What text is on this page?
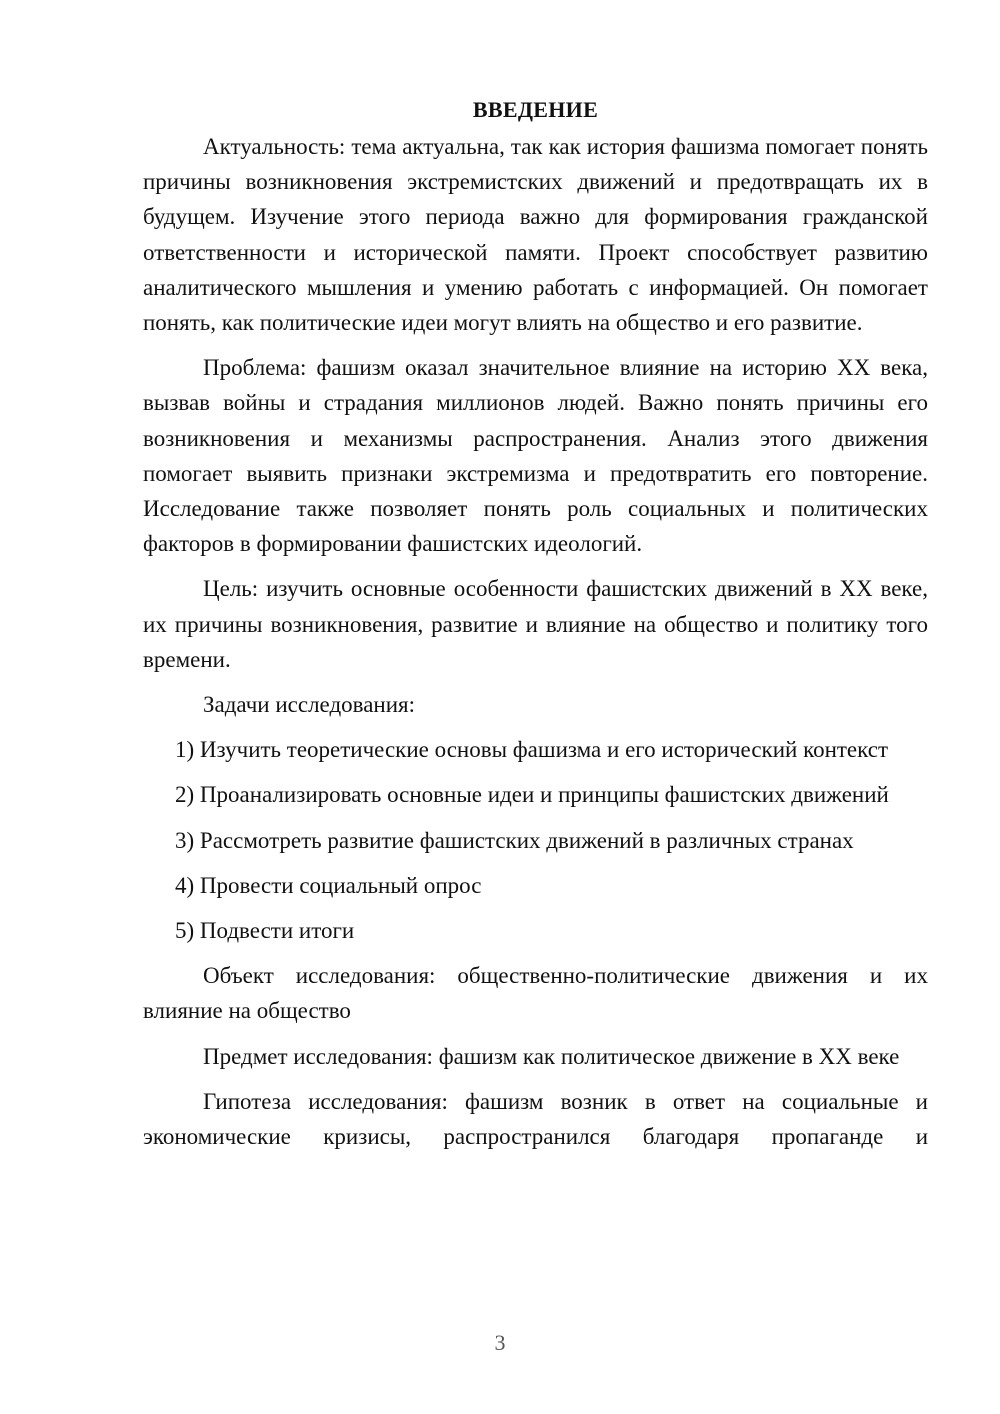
ВВЕДЕНИЕ

Актуальность: тема актуальна, так как история фашизма помогает понять причины возникновения экстремистских движений и предотвращать их в будущем. Изучение этого периода важно для формирования гражданской ответственности и исторической памяти. Проект способствует развитию аналитического мышления и умению работать с информацией. Он помогает понять, как политические идеи могут влиять на общество и его развитие.

Проблема: фашизм оказал значительное влияние на историю XX века, вызвав войны и страдания миллионов людей. Важно понять причины его возникновения и механизмы распространения. Анализ этого движения помогает выявить признаки экстремизма и предотвратить его повторение. Исследование также позволяет понять роль социальных и политических факторов в формировании фашистских идеологий.

Цель: изучить основные особенности фашистских движений в XX веке, их причины возникновения, развитие и влияние на общество и политику того времени.

Задачи исследования:

1) Изучить теоретические основы фашизма и его исторический контекст

2) Проанализировать основные идеи и принципы фашистских движений

3) Рассмотреть развитие фашистских движений в различных странах

4) Провести социальный опрос

5) Подвести итоги

Объект исследования: общественно-политические движения и их влияние на общество

Предмет исследования: фашизм как политическое движение в XX веке

Гипотеза исследования: фашизм возник в ответ на социальные и экономические кризисы, распространился благодаря пропаганде и

3
